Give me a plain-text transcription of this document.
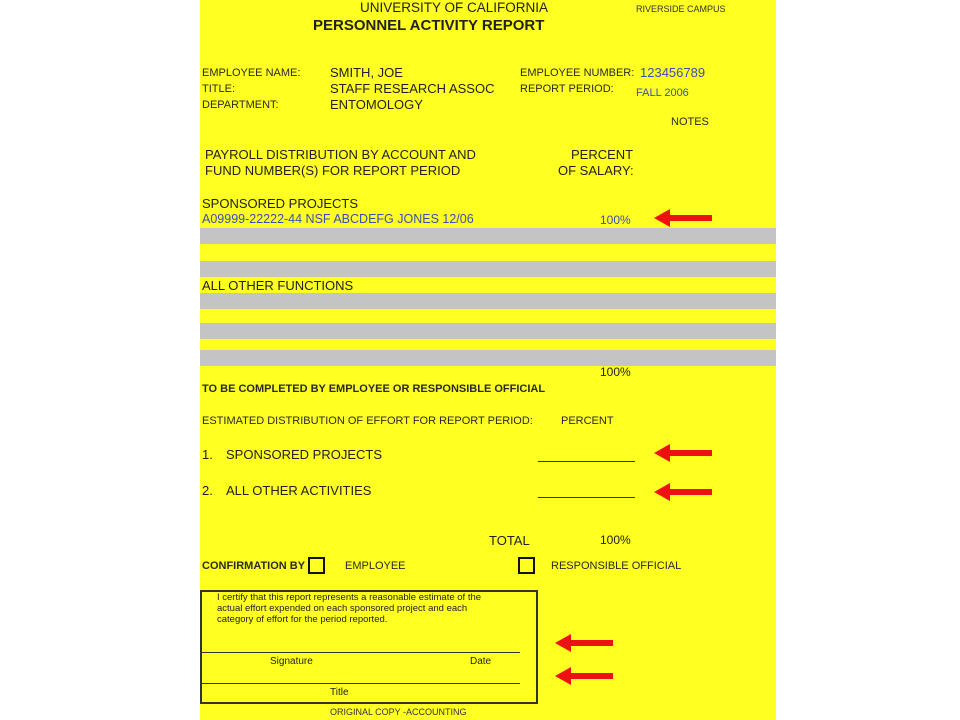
UNIVERSITY OF CALIFORNIA
PERSONNEL ACTIVITY REPORT
RIVERSIDE CAMPUS
EMPLOYEE NAME: SMITH, JOE
TITLE:	STAFF RESEARCH ASSOC
DEPARTMENT:	ENTOMOLOGY
EMPLOYEE NUMBER: 123456789
REPORT PERIOD: FALL 2006
NOTES
PAYROLL DISTRIBUTION BY ACCOUNT AND
FUND NUMBER(S) FOR REPORT PERIOD
PERCENT
OF SALARY:
SPONSORED PROJECTS
A09999-22222-44 NSF ABCDEFG JONES 12/06	100%
ALL OTHER FUNCTIONS
100%
TO BE COMPLETED BY EMPLOYEE OR RESPONSIBLE OFFICIAL
ESTIMATED DISTRIBUTION OF EFFORT FOR REPORT PERIOD:	PERCENT
1. SPONSORED PROJECTS
2. ALL OTHER ACTIVITIES
TOTAL	100%
CONFIRMATION BY	EMPLOYEE	RESPONSIBLE OFFICIAL
I certify that this report represents a reasonable estimate of the
actual effort expended on each sponsored project and each
category of effort for the period reported.
Signature	Date
Title
ORIGINAL COPY -ACCOUNTING
